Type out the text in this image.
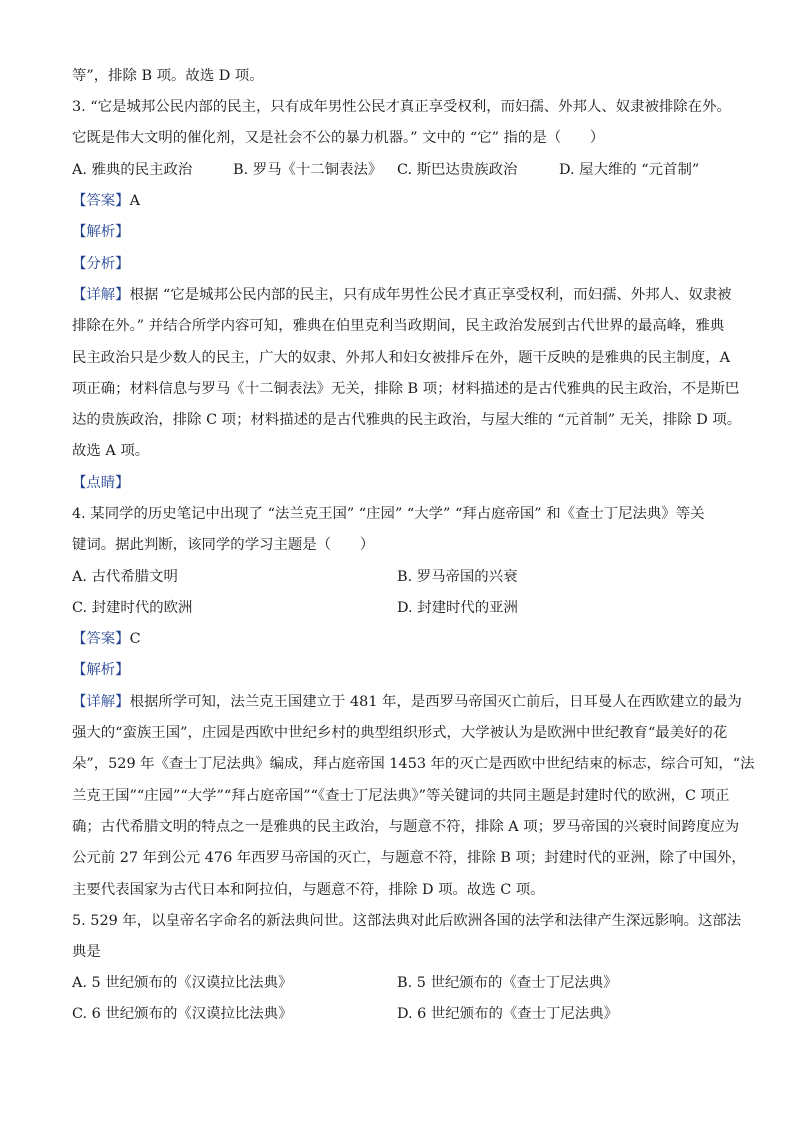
等”，排除 B 项。故选 D 项。
3. “它是城邦公民内部的民主，只有成年男性公民才真正享受权利，而妇孺、外邦人、奴隶被排除在外。
它既是伟大文明的催化剂，又是社会不公的暴力机器。” 文中的 “它” 指的是（　　）
A. 雅典的民主政治	B. 罗马《十二铜表法》 C. 斯巴达贵族政治	D. 屋大维的 “元首制”
【答案】A
【解析】
【分析】
【详解】根据 “它是城邦公民内部的民主，只有成年男性公民才真正享受权利，而妇孺、外邦人、奴隶被
排除在外。” 并结合所学内容可知，雅典在伯里克利当政期间，民主政治发展到古代世界的最高峰，雅典
民主政治只是少数人的民主，广大的奴隶、外邦人和妇女被排斥在外，题干反映的是雅典的民主制度，A
项正确；材料信息与罗马《十二铜表法》无关，排除 B 项；材料描述的是古代雅典的民主政治，不是斯巴
达的贵族政治，排除 C 项；材料描述的是古代雅典的民主政治，与屋大维的 “元首制” 无关，排除 D 项。
故选 A 项。
【点睛】
4. 某同学的历史笔记中出现了 “法兰克王国” “庄园” “大学” “拜占庭帝国” 和《查士丁尼法典》等关
键词。据此判断，该同学的学习主题是（　　）
A. 古代希腊文明	B. 罗马帝国的兴衰
C. 封建时代的欧洲	D. 封建时代的亚洲
【答案】C
【解析】
【详解】根据所学可知，法兰克王国建立于 481 年，是西罗马帝国灭亡前后，日耳曼人在西欧建立的最为
强大的“蛮族王国”，庄园是西欧中世纪乡村的典型组织形式，大学被认为是欧洲中世纪教育“最美好的花
朵”，529 年《查士丁尼法典》编成，拜占庭帝国 1453 年的灭亡是西欧中世纪结束的标志，综合可知，“法
兰克王国”“庄园”“大学”“拜占庭帝国”“《查士丁尼法典》”等关键词的共同主题是封建时代的欧洲，C 项正
确；古代希腊文明的特点之一是雅典的民主政治，与题意不符，排除 A 项；罗马帝国的兴衰时间跨度应为
公元前 27 年到公元 476 年西罗马帝国的灭亡，与题意不符，排除 B 项；封建时代的亚洲，除了中国外，
主要代表国家为古代日本和阿拉伯，与题意不符，排除 D 项。故选 C 项。
5. 529 年，以皇帝名字命名的新法典问世。这部法典对此后欧洲各国的法学和法律产生深远影响。这部法
典是
A. 5 世纪颁布的《汉谟拉比法典》	B. 5 世纪颁布的《查士丁尼法典》
C. 6 世纪颁布的《汉谟拉比法典》	D. 6 世纪颁布的《查士丁尼法典》
